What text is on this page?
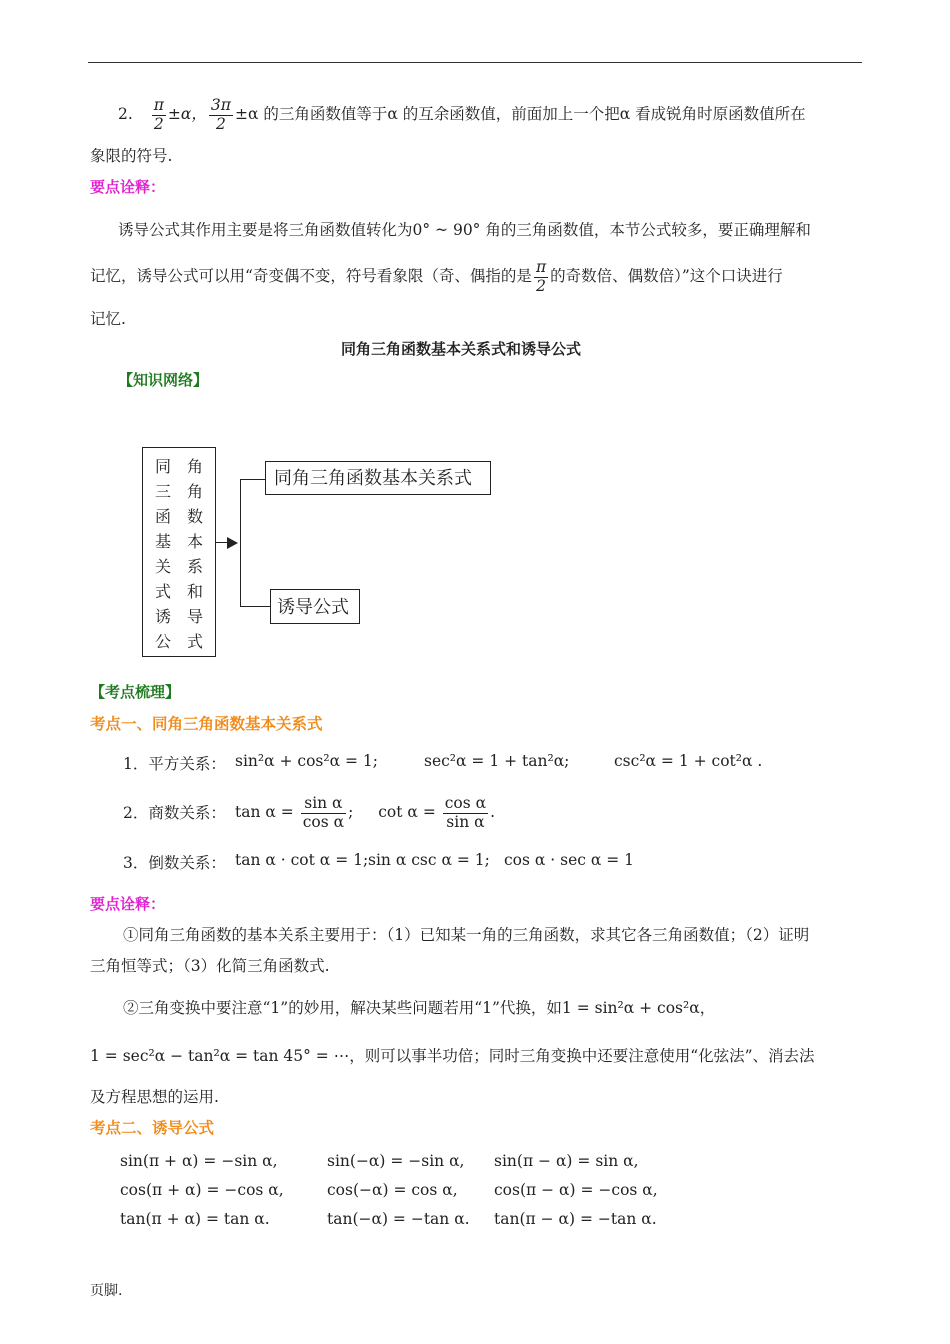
2. $\frac{\pi}{2} \pm\alpha$， $\frac{3\pi}{2} \pm\alpha$ 的三角函数值等于α 的互余函数值，前面加上一个把α 看成锐角时原函数值所在
象限的符号.
要点诠释：
诱导公式其作用主要是将三角函数值转化为0° ~ 90° 角的三角函数值，本节公式较多，要正确理解和
记忆，诱导公式可以用“奇变偶不变，符号看象限（奇、偶指的是 $\frac{\pi}{2}$ 的奇数倍、偶数倍）”这个口诀进行
记忆.
同角三角函数基本关系式和诱导公式
【知识网络】
同
三
函
基
关
式
诱
公
角
角
数
本
系
和
导
式
同角三角函数基本关系式
诱导公式
【考点梳理】
考点一、同角三角函数基本关系式
1．平方关系： sin²α + cos²α = 1;	sec²α = 1 + tan²α;	csc²α = 1 + cot²α .
2．商数关系： $\tan \alpha = \frac{\text{sin α}}{\text{cos α}}$ ; $\cot \alpha = \frac{\text{cos α}}{\text{sin α}}$ .
3．倒数关系： tan α · cot α = 1; sin α csc α = 1; cos α · sec α = 1
要点诠释：
①同角三角函数的基本关系主要用于：（1）已知某一角的三角函数，求其它各三角函数值；（2）证明
三角恒等式；（3）化简三角函数式.
②三角变换中要注意“1”的妙用，解决某些问题若用“1”代换，如1 = sin²α + cos²α，
1 = sec²α − tan²α = tan 45° = ⋯，则可以事半功倍；同时三角变换中还要注意使用“化弦法”、消去法
及方程思想的运用.
考点二、诱导公式
sin(π + α) = −sin α,	sin(−α) = −sin α, sin(π − α) = sin α,
cos(π + α) = −cos α,	cos(−α) = cos α, cos(π − α) = −cos α,
tan(π + α) = tan α.	tan(−α) = −tan α. tan(π − α) = −tan α.
页脚.
